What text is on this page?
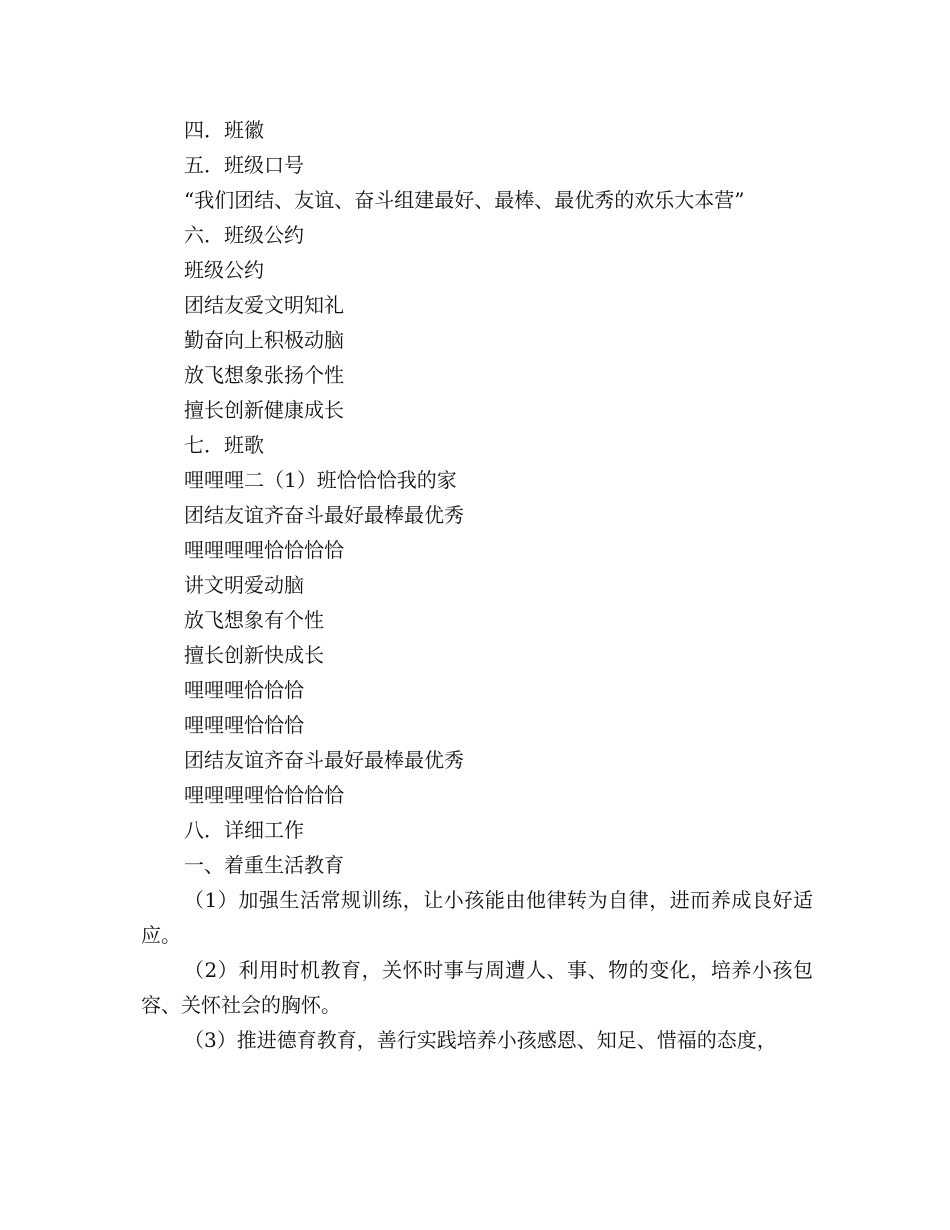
四．班徽

五．班级口号

“我们团结、友谊、奋斗组建最好、最棒、最优秀的欢乐大本营”

六．班级公约

班级公约

团结友爱文明知礼

勤奋向上积极动脑

放飞想象张扬个性

擅长创新健康成长

七．班歌

哩哩哩二（1）班恰恰恰我的家

团结友谊齐奋斗最好最棒最优秀

哩哩哩哩恰恰恰恰

讲文明爱动脑

放飞想象有个性

擅长创新快成长

哩哩哩恰恰恰

哩哩哩恰恰恰

团结友谊齐奋斗最好最棒最优秀

哩哩哩哩恰恰恰恰

八．详细工作

一、着重生活教育

（1）加强生活常规训练，让小孩能由他律转为自律，进而养成良好适应。

（2）利用时机教育，关怀时事与周遭人、事、物的变化，培养小孩包容、关怀社会的胸怀。

（3）推进德育教育，善行实践培养小孩感恩、知足、惜福的态度，
